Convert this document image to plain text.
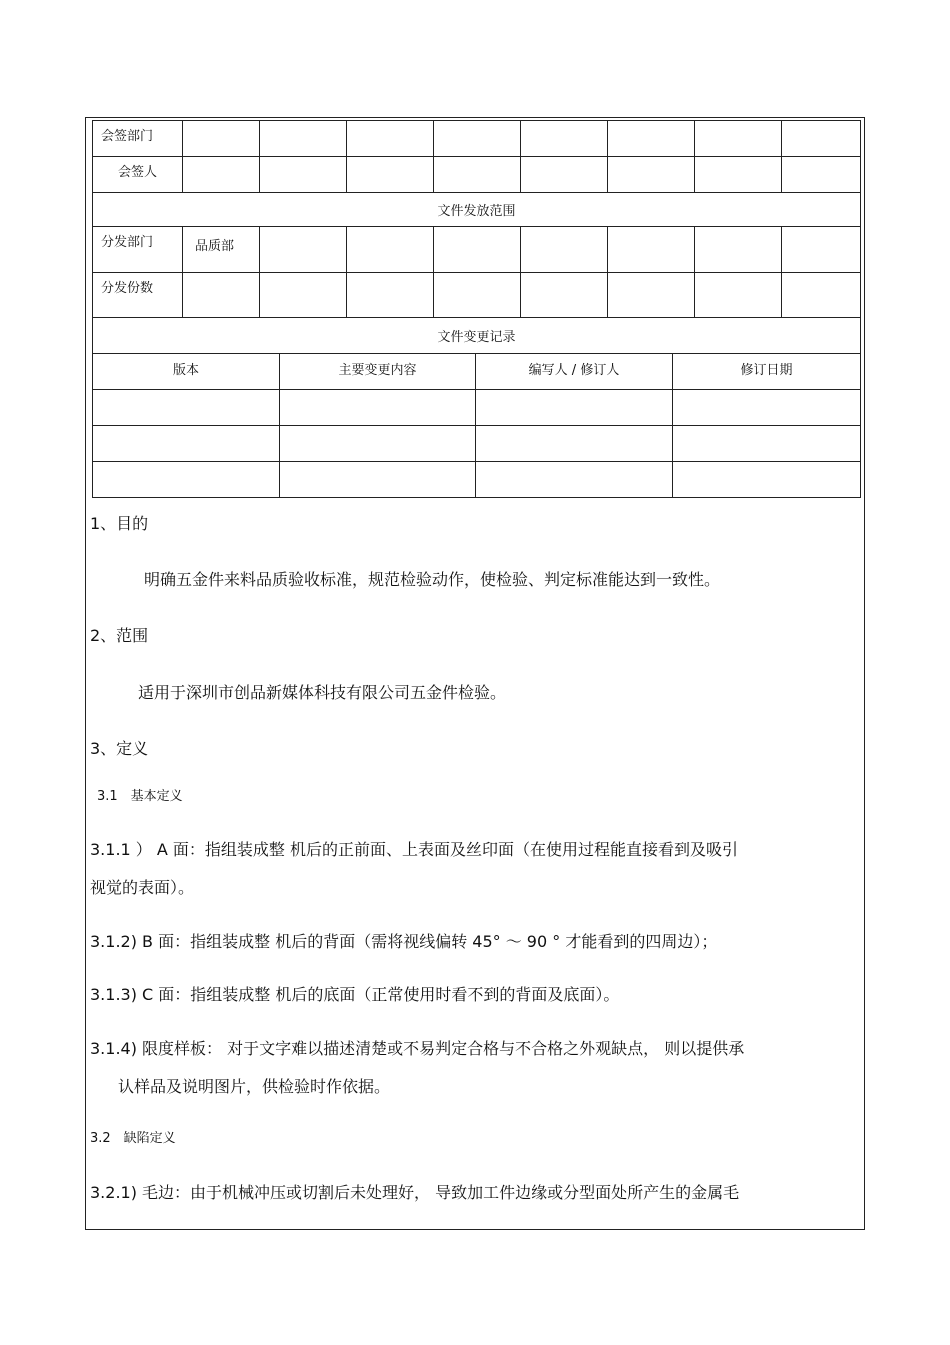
会签部门								
会签人								
文件发放范围								
分发部门	品质部							
分发份数								
文件变更记录								
版本	主要变更内容	编写人 / 修订人	修订日期

1、目的
明确五金件来料品质验收标准，规范检验动作，使检验、判定标准能达到一致性。
2、范围
适用于深圳市创品新媒体科技有限公司五金件检验。
3、定义
3.1　基本定义
3.1.1 ） A 面：指组装成整 机后的正前面、上表面及丝印面（在使用过程能直接看到及吸引
视觉的表面）。
3.1.2) B 面：指组装成整 机后的背面（需将视线偏转 45° ～ 90 ° 才能看到的四周边）；
3.1.3) C 面：指组装成整 机后的底面（正常使用时看不到的背面及底面）。
3.1.4) 限度样板： 对于文字难以描述清楚或不易判定合格与不合格之外观缺点， 则以提供承
认样品及说明图片，供检验时作依据。
3.2　缺陷定义
3.2.1) 毛边：由于机械冲压或切割后未处理好， 导致加工件边缘或分型面处所产生的金属毛
